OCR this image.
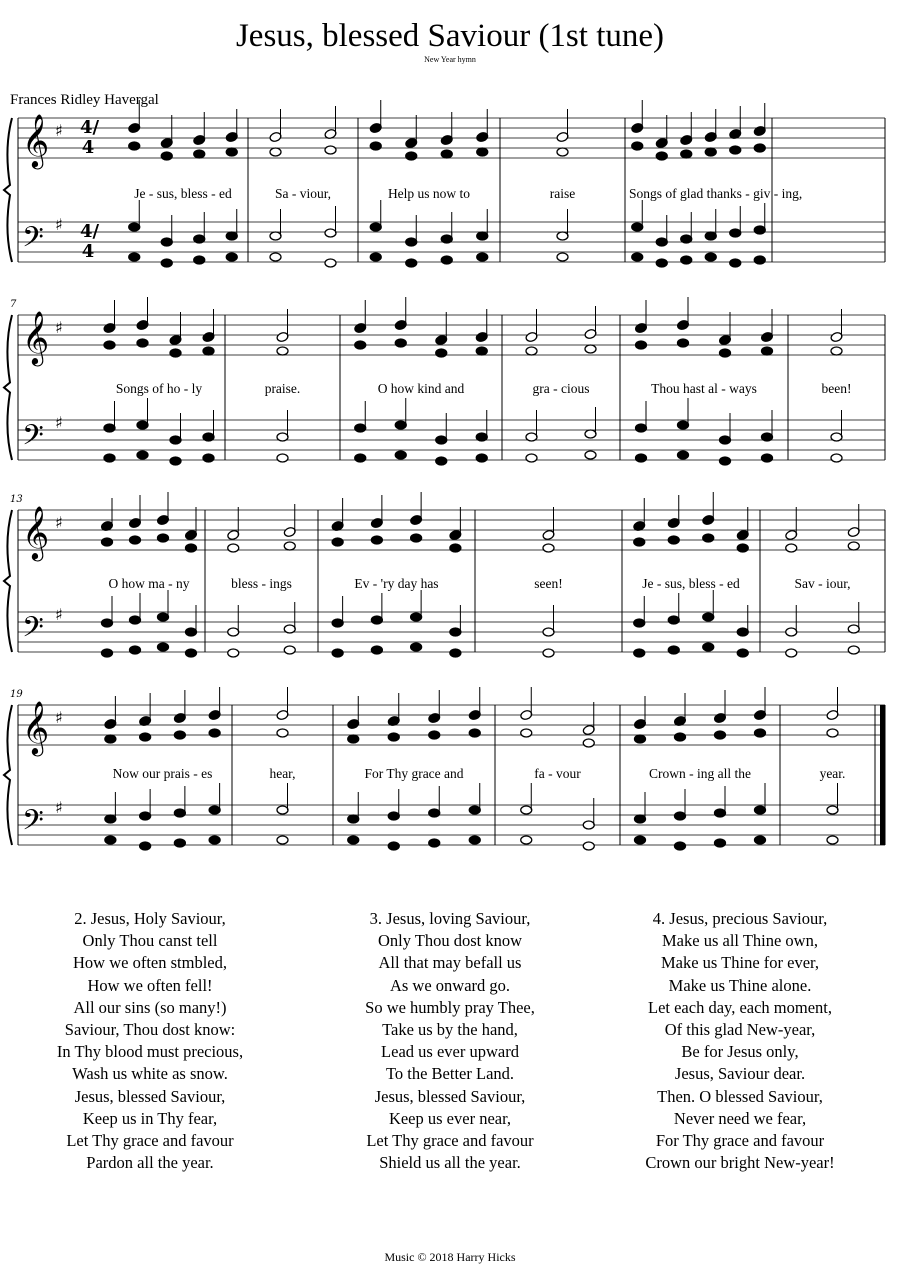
Jesus, blessed Saviour (1st tune)
New Year hymn
Frances Ridley Havergal
𝄞 ♯
𝄢 ♯
𝄞 ♯
𝄢 ♯
7
𝄞 ♯
𝄢 ♯
13
𝄞 ♯
𝄢 ♯
19
4/4
4/4
Je - sus, bless - ed	Sa - viour,	Help us now to	raise	Songs of glad thanks - giv - ing,
Songs of ho - ly	praise.	O how kind and	gra - cious	Thou hast al - ways	been!
O how ma - ny	bless - ings	Ev - 'ry day has	seen!	Je - sus, bless - ed	Sav - iour,
Now our prais - es	hear,	For Thy grace and	fa - vour	Crown - ing all the	year.
2. Jesus, Holy Saviour,
Only Thou canst tell
How we often stmbled,
How we often fell!
All our sins (so many!)
Saviour, Thou dost know:
In Thy blood must precious,
Wash us white as snow.
Jesus, blessed Saviour,
Keep us in Thy fear,
Let Thy grace and favour
Pardon all the year.
3. Jesus, loving Saviour,
Only Thou dost know
All that may befall us
As we onward go.
So we humbly pray Thee,
Take us by the hand,
Lead us ever upward
To the Better Land.
Jesus, blessed Saviour,
Keep us ever near,
Let Thy grace and favour
Shield us all the year.
4. Jesus, precious Saviour,
Make us all Thine own,
Make us Thine for ever,
Make us Thine alone.
Let each day, each moment,
Of this glad New-year,
Be for Jesus only,
Jesus, Saviour dear.
Then. O blessed Saviour,
Never need we fear,
For Thy grace and favour
Crown our bright New-year!
Music © 2018 Harry Hicks
